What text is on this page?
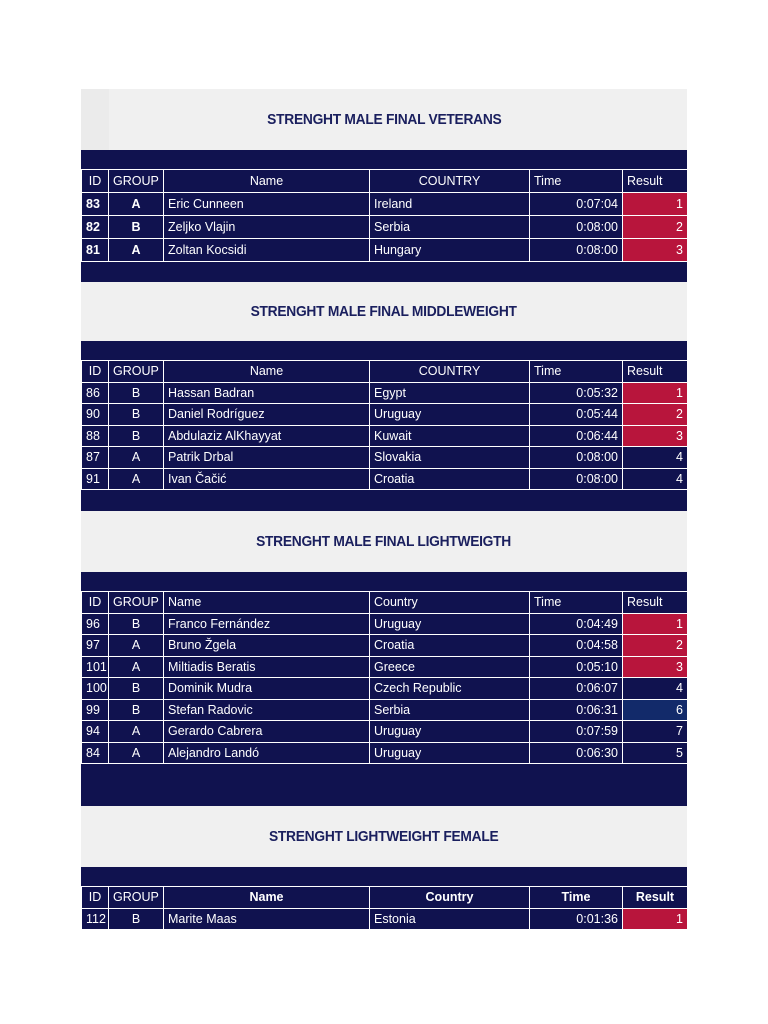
STRENGHT MALE FINAL VETERANS
ID	GROUP	Name	COUNTRY	Time	Result
83	A	Eric Cunneen	Ireland	0:07:04	1
82	B	Zeljko Vlajin	Serbia	0:08:00	2
81	A	Zoltan Kocsidi	Hungary	0:08:00	3
STRENGHT MALE FINAL MIDDLEWEIGHT
ID	GROUP	Name	COUNTRY	Time	Result
86	B	Hassan Badran	Egypt	0:05:32	1
90	B	Daniel Rodríguez	Uruguay	0:05:44	2
88	B	Abdulaziz AlKhayyat	Kuwait	0:06:44	3
87	A	Patrik Drbal	Slovakia	0:08:00	4
91	A	Ivan Čačić	Croatia	0:08:00	4
STRENGHT MALE FINAL LIGHTWEIGTH
ID	GROUP	Name	Country	Time	Result
96	B	Franco Fernández	Uruguay	0:04:49	1
97	A	Bruno Žgela	Croatia	0:04:58	2
101	A	Miltiadis Beratis	Greece	0:05:10	3
100	B	Dominik Mudra	Czech Republic	0:06:07	4
99	B	Stefan Radovic	Serbia	0:06:31	6
94	A	Gerardo Cabrera	Uruguay	0:07:59	7
84	A	Alejandro Landó	Uruguay	0:06:30	5
STRENGHT LIGHTWEIGHT FEMALE
ID	GROUP	Name	Country	Time	Result
112	B	Marite Maas	Estonia	0:01:36	1
